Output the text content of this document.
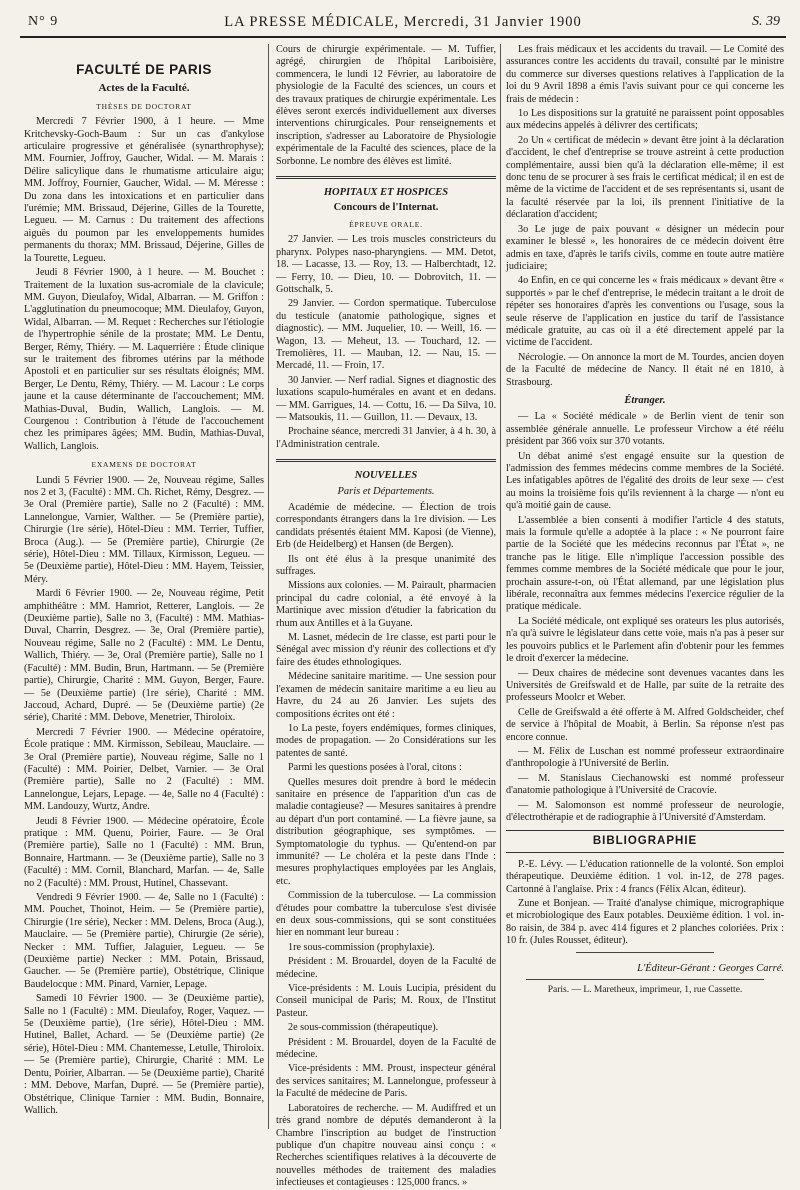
N° 9	LA PRESSE MÉDICALE, Mercredi, 31 Janvier 1900	S. 39
FACULTÉ DE PARIS
Actes de la Faculté.
THÈSES DE DOCTORAT

Mercredi 7 Février 1900, à 1 heure. — Mme Kritchevsky-Goch-Baum : Sur un cas d'ankylose articulaire progressive et généralisée (synarthrophyse); MM. Fournier, Joffroy, Gaucher, Widal. — M. Marais : Délire salicylique dans le rhumatisme articulaire aigu; MM. Joffroy, Fournier, Gaucher, Widal. — M. Méresse : Du zona dans les intoxications et en particulier dans l'urémie; MM. Brissaud, Déjerine, Gilles de la Tourette, Legueu. — M. Carnus : Du traitement des affections aiguës du poumon par les enveloppements humides permanents du thorax; MM. Brissaud, Déjerine, Gilles de la Tourette, Legueu.

Jeudi 8 Février 1900, à 1 heure. — M. Bouchet : Traitement de la luxation sus-acromiale de la clavicule; MM. Guyon, Dieulafoy, Widal, Albarran. — M. Griffon : L'agglutination du pneumocoque; MM. Dieulafoy, Guyon, Widal, Albarran. — M. Requet : Recherches sur l'étiologie de l'hypertrophie sénile de la prostate; MM. Le Dentu, Berger, Rémy, Thiéry. — M. Laquerrière : Étude clinique sur le traitement des fibromes utérins par la méthode Apostoli et en particulier sur ses résultats éloignés; MM. Berger, Le Dentu, Rémy, Thiéry. — M. Lacour : Le corps jaune et la cause déterminante de l'accouchement; MM. Mathias-Duval, Budin, Wallich, Langlois. — M. Courgenou : Contribution à l'étude de l'accouchement chez les primipares âgées; MM. Budin, Mathias-Duval, Wallich, Langlois.

EXAMENS DE DOCTORAT

Lundi 5 Février 1900. — 2e, Nouveau régime, Salles nos 2 et 3, (Faculté) : MM. Ch. Richet, Rémy, Desgrez. — 3e Oral (Première partie), Salle no 2 (Faculté) : MM. Lannelongue, Varnier, Walther. — 5e (Première partie), Chirurgie (1re série), Hôtel-Dieu : MM. Terrier, Tuffier, Broca (Aug.). — 5e (Première partie), Chirurgie (2e série), Hôtel-Dieu : MM. Tillaux, Kirmisson, Legueu. — 5e (Deuxième partie), Hôtel-Dieu : MM. Hayem, Teissier, Méry.

Mardi 6 Février 1900. — 2e, Nouveau régime, Petit amphithéâtre : MM. Hamriot, Retterer, Langlois. — 2e (Deuxième partie), Salle no 3, (Faculté) : MM. Mathias-Duval, Charrin, Desgrez. — 3e, Oral (Première partie), Nouveau régime, Salle no 2 (Faculté) : MM. Le Dentu, Wallich, Thiéry. — 3e, Oral (Première partie), Salle no 1 (Faculté) : MM. Budin, Brun, Hartmann. — 5e (Première partie), Chirurgie, Charité : MM. Guyon, Berger, Faure. — 5e (Deuxième partie) (1re série), Charité : MM. Jaccoud, Achard, Dupré. — 5e (Deuxième partie) (2e série), Charité : MM. Debove, Menetrier, Thiroloix.

Mercredi 7 Février 1900. — Médecine opératoire, École pratique : MM. Kirmisson, Sebileau, Mauclaire. — 3e Oral (Première partie), Nouveau régime, Salle no 1 (Faculté) : MM. Poirier, Delbet, Varnier. — 3e Oral (Première partie), Salle no 2 (Faculté) : MM. Lannelongue, Lejars, Lepage. — 4e, Salle no 4 (Faculté) : MM. Landouzy, Wurtz, Andre.

Jeudi 8 Février 1900. — Médecine opératoire, École pratique : MM. Quenu, Poirier, Faure. — 3e Oral (Première partie), Salle no 1 (Faculté) : MM. Brun, Bonnaire, Hartmann. — 3e (Deuxième partie), Salle no 3 (Faculté) : MM. Cornil, Blanchard, Marfan. — 4e, Salle no 2 (Faculté) : MM. Proust, Hutinel, Chassevant.

Vendredi 9 Février 1900. — 4e, Salle no 1 (Faculté) : MM. Pouchet, Thoinot, Heim. — 5e (Première partie), Chirurgie (1re série), Necker : MM. Delens, Broca (Aug.), Mauclaire. — 5e (Première partie), Chirurgie (2e série), Necker : MM. Tuffier, Jalaguier, Legueu. — 5e (Deuxième partie) Necker : MM. Potain, Brissaud, Gaucher. — 5e (Première partie), Obstétrique, Clinique Baudelocque : MM. Pinard, Varnier, Lepage.

Samedi 10 Février 1900. — 3e (Deuxième partie), Salle no 1 (Faculté) : MM. Dieulafoy, Roger, Vaquez. — 5e (Deuxième partie), (1re série), Hôtel-Dieu : MM. Hutinel, Ballet, Achard. — 5e (Deuxième partie) (2e série), Hôtel-Dieu : MM. Chantemesse, Letulle, Thiroloix. — 5e (Première partie), Chirurgie, Charité : MM. Le Dentu, Poirier, Albarran. — 5e (Deuxième partie), Charité : MM. Debove, Marfan, Dupré. — 5e (Première partie), Obstétrique, Clinique Tarnier : MM. Budin, Bonnaire, Wallich.

Cours de chirurgie expérimentale. — M. Tuffier, agrégé, chirurgien de l'hôpital Lariboisière, commencera, le lundi 12 Février, au laboratoire de physiologie de la Faculté des sciences, un cours et des travaux pratiques de chirurgie expérimentale. Les élèves seront exercés individuellement aux diverses interventions chirurgicales. Pour renseignements et inscription, s'adresser au Laboratoire de Physiologie expérimentale de la Faculté des sciences, place de la Sorbonne. Le nombre des élèves est limité.

HOPITAUX ET HOSPICES
Concours de l'Internat.
ÉPREUVE ORALE.

27 Janvier. — Les trois muscles constricteurs du pharynx. Polypes naso-pharyngiens. — MM. Detot, 18. — Lacasse, 13. — Roy, 13. — Halberchtadt, 12. — Ferry, 10. — Dieu, 10. — Dobrovitch, 11. — Gottschalk, 5.

29 Janvier. — Cordon spermatique. Tuberculose du testicule (anatomie pathologique, signes et diagnostic). — MM. Juquelier, 10. — Weill, 16. — Wagon, 13. — Meheut, 13. — Touchard, 12. — Tremolières, 11. — Mauban, 12. — Nau, 15. — Mercadé, 11. — Froin, 17.

30 Janvier. — Nerf radial. Signes et diagnostic des luxations scapulo-humérales en avant et en dedans. — MM. Garrigues, 14. — Cottu, 16. — Da Silva, 10. — Matsoukis, 11. — Guillon, 11. — Devaux, 13.

Prochaine séance, mercredi 31 Janvier, à 4 h. 30, à l'Administration centrale.

NOUVELLES
Paris et Départements.

Académie de médecine. — Élection de trois correspondants étrangers dans la 1re division. — Les candidats présentés étaient MM. Kaposi (de Vienne), Erb (de Heidelberg) et Hansen (de Bergen).

Ils ont été élus à la presque unanimité des suffrages.

Missions aux colonies. — M. Pairault, pharmacien principal du cadre colonial, a été envoyé à la Martinique avec mission d'étudier la fabrication du rhum aux Antilles et à la Guyane.

M. Lasnet, médecin de 1re classe, est parti pour le Sénégal avec mission d'y réunir des collections et d'y faire des études ethnologiques.

Médecine sanitaire maritime. — Une session pour l'examen de médecin sanitaire maritime a eu lieu au Havre, du 24 au 26 Janvier. Les sujets des compositions écrites ont été :

1o La peste, foyers endémiques, formes cliniques, modes de propagation. — 2o Considérations sur les patentes de santé.

Parmi les questions posées à l'oral, citons :

Quelles mesures doit prendre à bord le médecin sanitaire en présence de l'apparition d'un cas de maladie contagieuse? — Mesures sanitaires à prendre au départ d'un port contaminé. — La fièvre jaune, sa distribution géographique, ses symptômes. — Symptomatologie du typhus. — Qu'entend-on par immunité? — Le choléra et la peste dans l'Inde : mesures prophylactiques employées par les Anglais, etc.

Commission de la tuberculose. — La commission d'études pour combattre la tuberculose s'est divisée en deux sous-commissions, qui se sont constituées hier en nommant leur bureau :

1re sous-commission (prophylaxie).

Président : M. Brouardel, doyen de la Faculté de médecine.

Vice-présidents : M. Louis Lucipia, président du Conseil municipal de Paris; M. Roux, de l'Institut Pasteur.

2e sous-commission (thérapeutique).

Président : M. Brouardel, doyen de la Faculté de médecine.

Vice-présidents : MM. Proust, inspecteur général des services sanitaires; M. Lannelongue, professeur à la Faculté de médecine de Paris.

Laboratoires de recherche. — M. Audiffred et un très grand nombre de députés demanderont à la Chambre l'inscription au budget de l'instruction publique d'un chapitre nouveau ainsi conçu : « Recherches scientifiques relatives à la découverte de nouvelles méthodes de traitement des maladies infectieuses et contagieuses : 125,000 francs. »

Les frais médicaux et les accidents du travail. — Le Comité des assurances contre les accidents du travail, consulté par le ministre du commerce sur diverses questions relatives à l'application de la loi du 9 Avril 1898 a émis l'avis suivant pour ce qui concerne les frais de médecin :

1o Les dispositions sur la gratuité ne paraissent point opposables aux médecins appelés à délivrer des certificats;

2o Un « certificat de médecin » devant être joint à la déclaration d'accident, le chef d'entreprise se trouve astreint à cette production complémentaire, aussi bien qu'à la déclaration elle-même; il est donc tenu de se procurer à ses frais le certificat médical; il en est de même de la victime de l'accident et de ses représentants si, usant de la faculté réservée par la loi, ils prennent l'initiative de la déclaration d'accident;

3o Le juge de paix pouvant « désigner un médecin pour examiner le blessé », les honoraires de ce médecin doivent être admis en taxe, d'après le tarifs civils, comme en toute autre matière judiciaire;

4o Enfin, en ce qui concerne les « frais médicaux » devant être « supportés » par le chef d'entreprise, le médecin traitant a le droit de répéter ses honoraires d'après les conventions ou l'usage, sous la seule réserve de l'application en justice du tarif de l'assistance médicale gratuite, au cas où il a été directement appelé par la victime de l'accident.

Nécrologie. — On annonce la mort de M. Tourdes, ancien doyen de la Faculté de médecine de Nancy. Il était né en 1810, à Strasbourg.

Étranger.

— La « Société médicale » de Berlin vient de tenir son assemblée générale annuelle. Le professeur Virchow a été réélu président par 366 voix sur 370 votants.

Un débat animé s'est engagé ensuite sur la question de l'admission des femmes médecins comme membres de la Société. Les infatigables apôtres de l'égalité des droits de leur sexe — c'est au moins la troisième fois qu'ils reviennent à la charge — n'ont eu qu'à moitié gain de cause.

L'assemblée a bien consenti à modifier l'article 4 des statuts, mais la formule qu'elle a adoptée à la place : « Ne pourront faire partie de la Société que les médecins reconnus par l'État », ne tranche pas le litige. Elle n'implique l'accession possible des femmes comme membres de la Société médicale que pour le jour, prochain assure-t-on, où l'État allemand, par une législation plus libérale, reconnaîtra aux femmes médecins l'exercice régulier de la pratique médicale.

La Société médicale, ont expliqué ses orateurs les plus autorisés, n'a qu'à suivre le législateur dans cette voie, mais n'a pas à peser sur les pouvoirs publics et le Parlement afin d'obtenir pour les femmes le droit d'exercer la médecine.

— Deux chaires de médecine sont devenues vacantes dans les Universités de Greifswald et de Halle, par suite de la retraite des professeurs Moolcr et Weber.

Celle de Greifswald a été offerte à M. Alfred Goldscheider, chef de service à l'hôpital de Moabit, à Berlin. Sa réponse n'est pas encore connue.

— M. Félix de Luschan est nommé professeur extraordinaire d'anthropologie à l'Université de Berlin.

— M. Stanislaus Ciechanowski est nommé professeur d'anatomie pathologique à l'Université de Cracovie.

— M. Salomonson est nommé professeur de neurologie, d'électrothérapie et de radiographie à l'Université d'Amsterdam.

BIBLIOGRAPHIE

P.-E. Lévy. — L'éducation rationnelle de la volonté. Son emploi thérapeutique. Deuxième édition. 1 vol. in-12, de 278 pages. Cartonné à l'anglaise. Prix : 4 francs (Félix Alcan, éditeur).

Zune et Bonjean. — Traité d'analyse chimique, micrographique et microbiologique des Eaux potables. Deuxième édition. 1 vol. in-8o raisin, de 384 p. avec 414 figures et 2 planches coloriées. Prix : 10 fr. (Jules Rousset, éditeur).

L'Éditeur-Gérant : Georges Carré.
Paris. — L. Maretheux, imprimeur, 1, rue Cassette.
